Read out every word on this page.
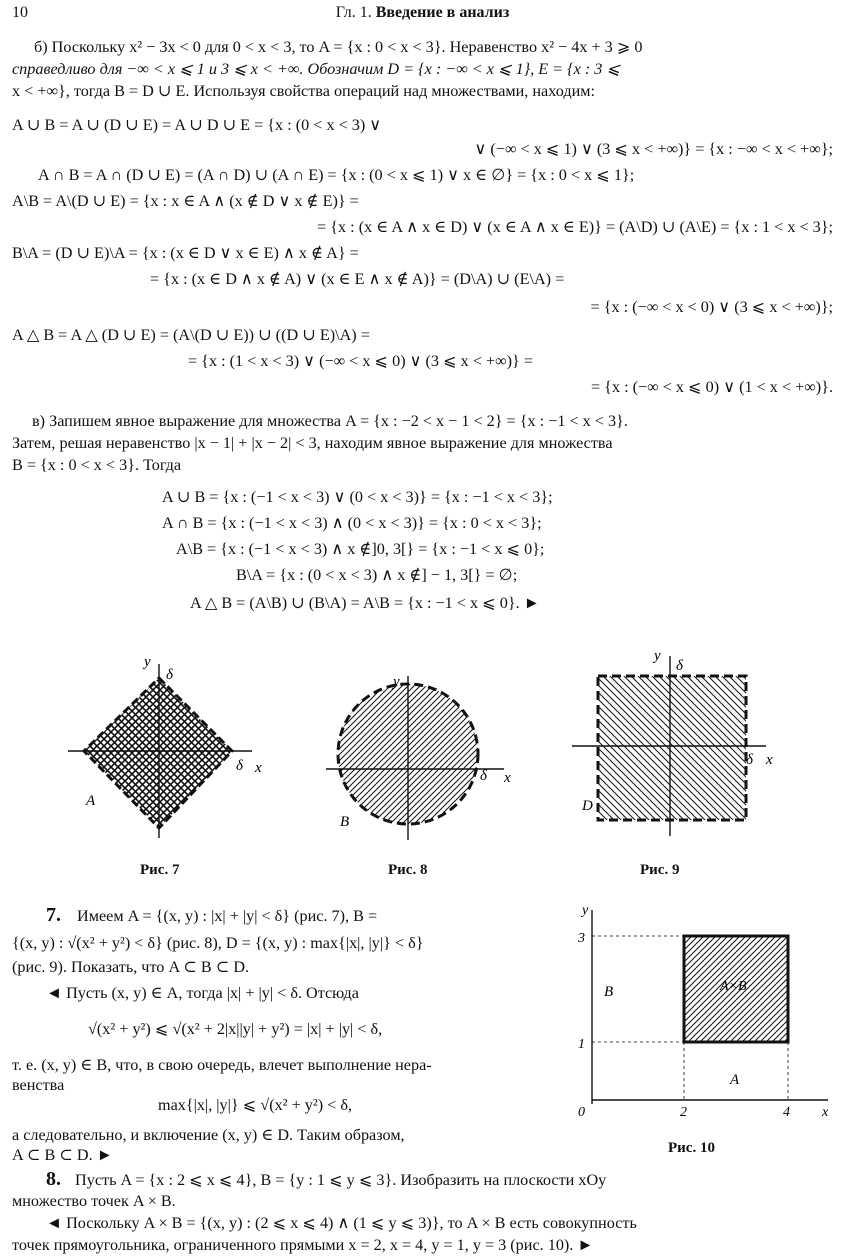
10	Гл. 1. Введение в анализ
б) Поскольку x² − 3x < 0 для 0 < x < 3, то A = {x : 0 < x < 3}. Неравенство x² − 4x + 3 ⩾ 0
справедливо для −∞ < x ⩽ 1 и 3 ⩽ x < +∞. Обозначим D = {x : −∞ < x ⩽ 1}, E = {x : 3 ⩽
x < +∞}, тогда B = D ∪ E. Используя свойства операций над множествами, находим:
A ∪ B = A ∪ (D ∪ E) = A ∪ D ∪ E = {x : (0 < x < 3) ∨
∨ (−∞ < x ⩽ 1) ∨ (3 ⩽ x < +∞)} = {x : −∞ < x < +∞};
A ∩ B = A ∩ (D ∪ E) = (A ∩ D) ∪ (A ∩ E) = {x : (0 < x ⩽ 1) ∨ x ∈ ∅} = {x : 0 < x ⩽ 1};
A\B = A\(D ∪ E) = {x : x ∈ A ∧ (x ∉ D ∨ x ∉ E)} =
= {x : (x ∈ A ∧ x ∈ D) ∨ (x ∈ A ∧ x ∈ E)} = (A\D) ∪ (A\E) = {x : 1 < x < 3};
B\A = (D ∪ E)\A = {x : (x ∈ D ∨ x ∈ E) ∧ x ∉ A} =
= {x : (x ∈ D ∧ x ∉ A) ∨ (x ∈ E ∧ x ∉ A)} = (D\A) ∪ (E\A) =
= {x : (−∞ < x < 0) ∨ (3 ⩽ x < +∞)};
A △ B = A △ (D ∪ E) = (A\(D ∪ E)) ∪ ((D ∪ E)\A) =
= {x : (1 < x < 3) ∨ (−∞ < x ⩽ 0) ∨ (3 ⩽ x < +∞)} =
= {x : (−∞ < x ⩽ 0) ∨ (1 < x < +∞)}.
в) Запишем явное выражение для множества A = {x : −2 < x − 1 < 2} = {x : −1 < x < 3}.
Затем, решая неравенство |x − 1| + |x − 2| < 3, находим явное выражение для множества
B = {x : 0 < x < 3}. Тогда
A ∪ B = {x : (−1 < x < 3) ∨ (0 < x < 3)} = {x : −1 < x < 3};
A ∩ B = {x : (−1 < x < 3) ∧ (0 < x < 3)} = {x : 0 < x < 3};
A\B = {x : (−1 < x < 3) ∧ x ∉]0, 3[} = {x : −1 < x ⩽ 0};
B\A = {x : (0 < x < 3) ∧ x ∉] − 1, 3[} = ∅;
A △ B = (A\B) ∪ (B\A) = A\B = {x : −1 < x ⩽ 0}. ►
x
y
δ
δ
A
Рис. 7
x
y
δ
B
Рис. 8
x
y
δ
δ
D
Рис. 9
7. Имеем A = {(x, y) : |x| + |y| < δ} (рис. 7), B =
{(x, y) : √(x² + y²) < δ} (рис. 8), D = {(x, y) : max{|x|, |y|} < δ}
(рис. 9). Показать, что A ⊂ B ⊂ D.
◄ Пусть (x, y) ∈ A, тогда |x| + |y| < δ. Отсюда
√(x² + y²) ⩽ √(x² + 2|x||y| + y²) = |x| + |y| < δ,
т. е. (x, y) ∈ B, что, в свою очередь, влечет выполнение нера-
венства
max{|x|, |y|} ⩽ √(x² + y²) < δ,
а следовательно, и включение (x, y) ∈ D. Таким образом,
A ⊂ B ⊂ D. ►
y
x
3
1
0	2	4
B
A
A×B
Рис. 10
8. Пусть A = {x : 2 ⩽ x ⩽ 4}, B = {y : 1 ⩽ y ⩽ 3}. Изобразить на плоскости xOy
множество точек A × B.
◄ Поскольку A × B = {(x, y) : (2 ⩽ x ⩽ 4) ∧ (1 ⩽ y ⩽ 3)}, то A × B есть совокупность
точек прямоугольника, ограниченного прямыми x = 2, x = 4, y = 1, y = 3 (рис. 10). ►
